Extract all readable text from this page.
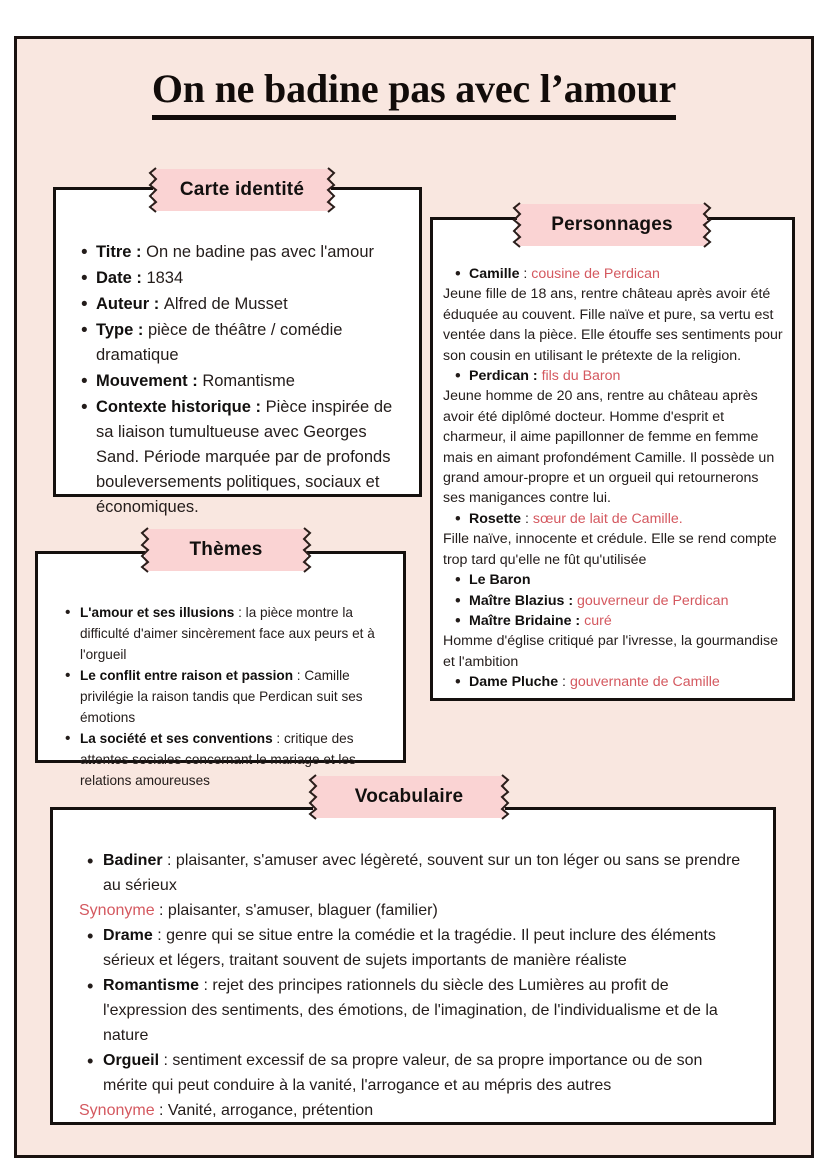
On ne badine pas avec l’amour
• Titre : On ne badine pas avec l'amour
• Date : 1834
• Auteur : Alfred de Musset
• Type : pièce de théâtre / comédie dramatique
• Mouvement : Romantisme
• Contexte historique : Pièce inspirée de sa liaison tumultueuse avec Georges Sand. Période marquée par de profonds bouleversements politiques, sociaux et économiques.
Carte identité
• Camille : cousine de Perdican
Jeune fille de 18 ans, rentre château après avoir été éduquée au couvent. Fille naïve et pure, sa vertu est ventée dans la pièce. Elle étouffe ses sentiments pour son cousin en utilisant le prétexte de la religion.
• Perdican : fils du Baron
Jeune homme de 20 ans, rentre au château après avoir été diplômé docteur. Homme d'esprit et charmeur, il aime papillonner de femme en femme mais en aimant profondément Camille. Il possède un grand amour-propre et un orgueil qui retournerons ses manigances contre lui.
• Rosette : sœur de lait de Camille.
Fille naïve, innocente et crédule. Elle se rend compte trop tard qu'elle ne fût qu'utilisée
• Le Baron
• Maître Blazius : gouverneur de Perdican
• Maître Bridaine : curé
Homme d'église critiqué par l'ivresse, la gourmandise et l'ambition
• Dame Pluche : gouvernante de Camille
Personnages
• L'amour et ses illusions : la pièce montre la difficulté d'aimer sincèrement face aux peurs et à l'orgueil
• Le conflit entre raison et passion : Camille privilégie la raison tandis que Perdican suit ses émotions
• La société et ses conventions : critique des attentes sociales concernant le mariage et les relations amoureuses
Thèmes
• Badiner : plaisanter, s'amuser avec légèreté, souvent sur un ton léger ou sans se prendre au sérieux
Synonyme : plaisanter, s'amuser, blaguer (familier)
• Drame : genre qui se situe entre la comédie et la tragédie. Il peut inclure des éléments sérieux et légers, traitant souvent de sujets importants de manière réaliste
• Romantisme : rejet des principes rationnels du siècle des Lumières au profit de l'expression des sentiments, des émotions, de l'imagination, de l'individualisme et de la nature
• Orgueil : sentiment excessif de sa propre valeur, de sa propre importance ou de son mérite qui peut conduire à la vanité, l'arrogance et au mépris des autres
Synonyme : Vanité, arrogance, prétention
Vocabulaire
